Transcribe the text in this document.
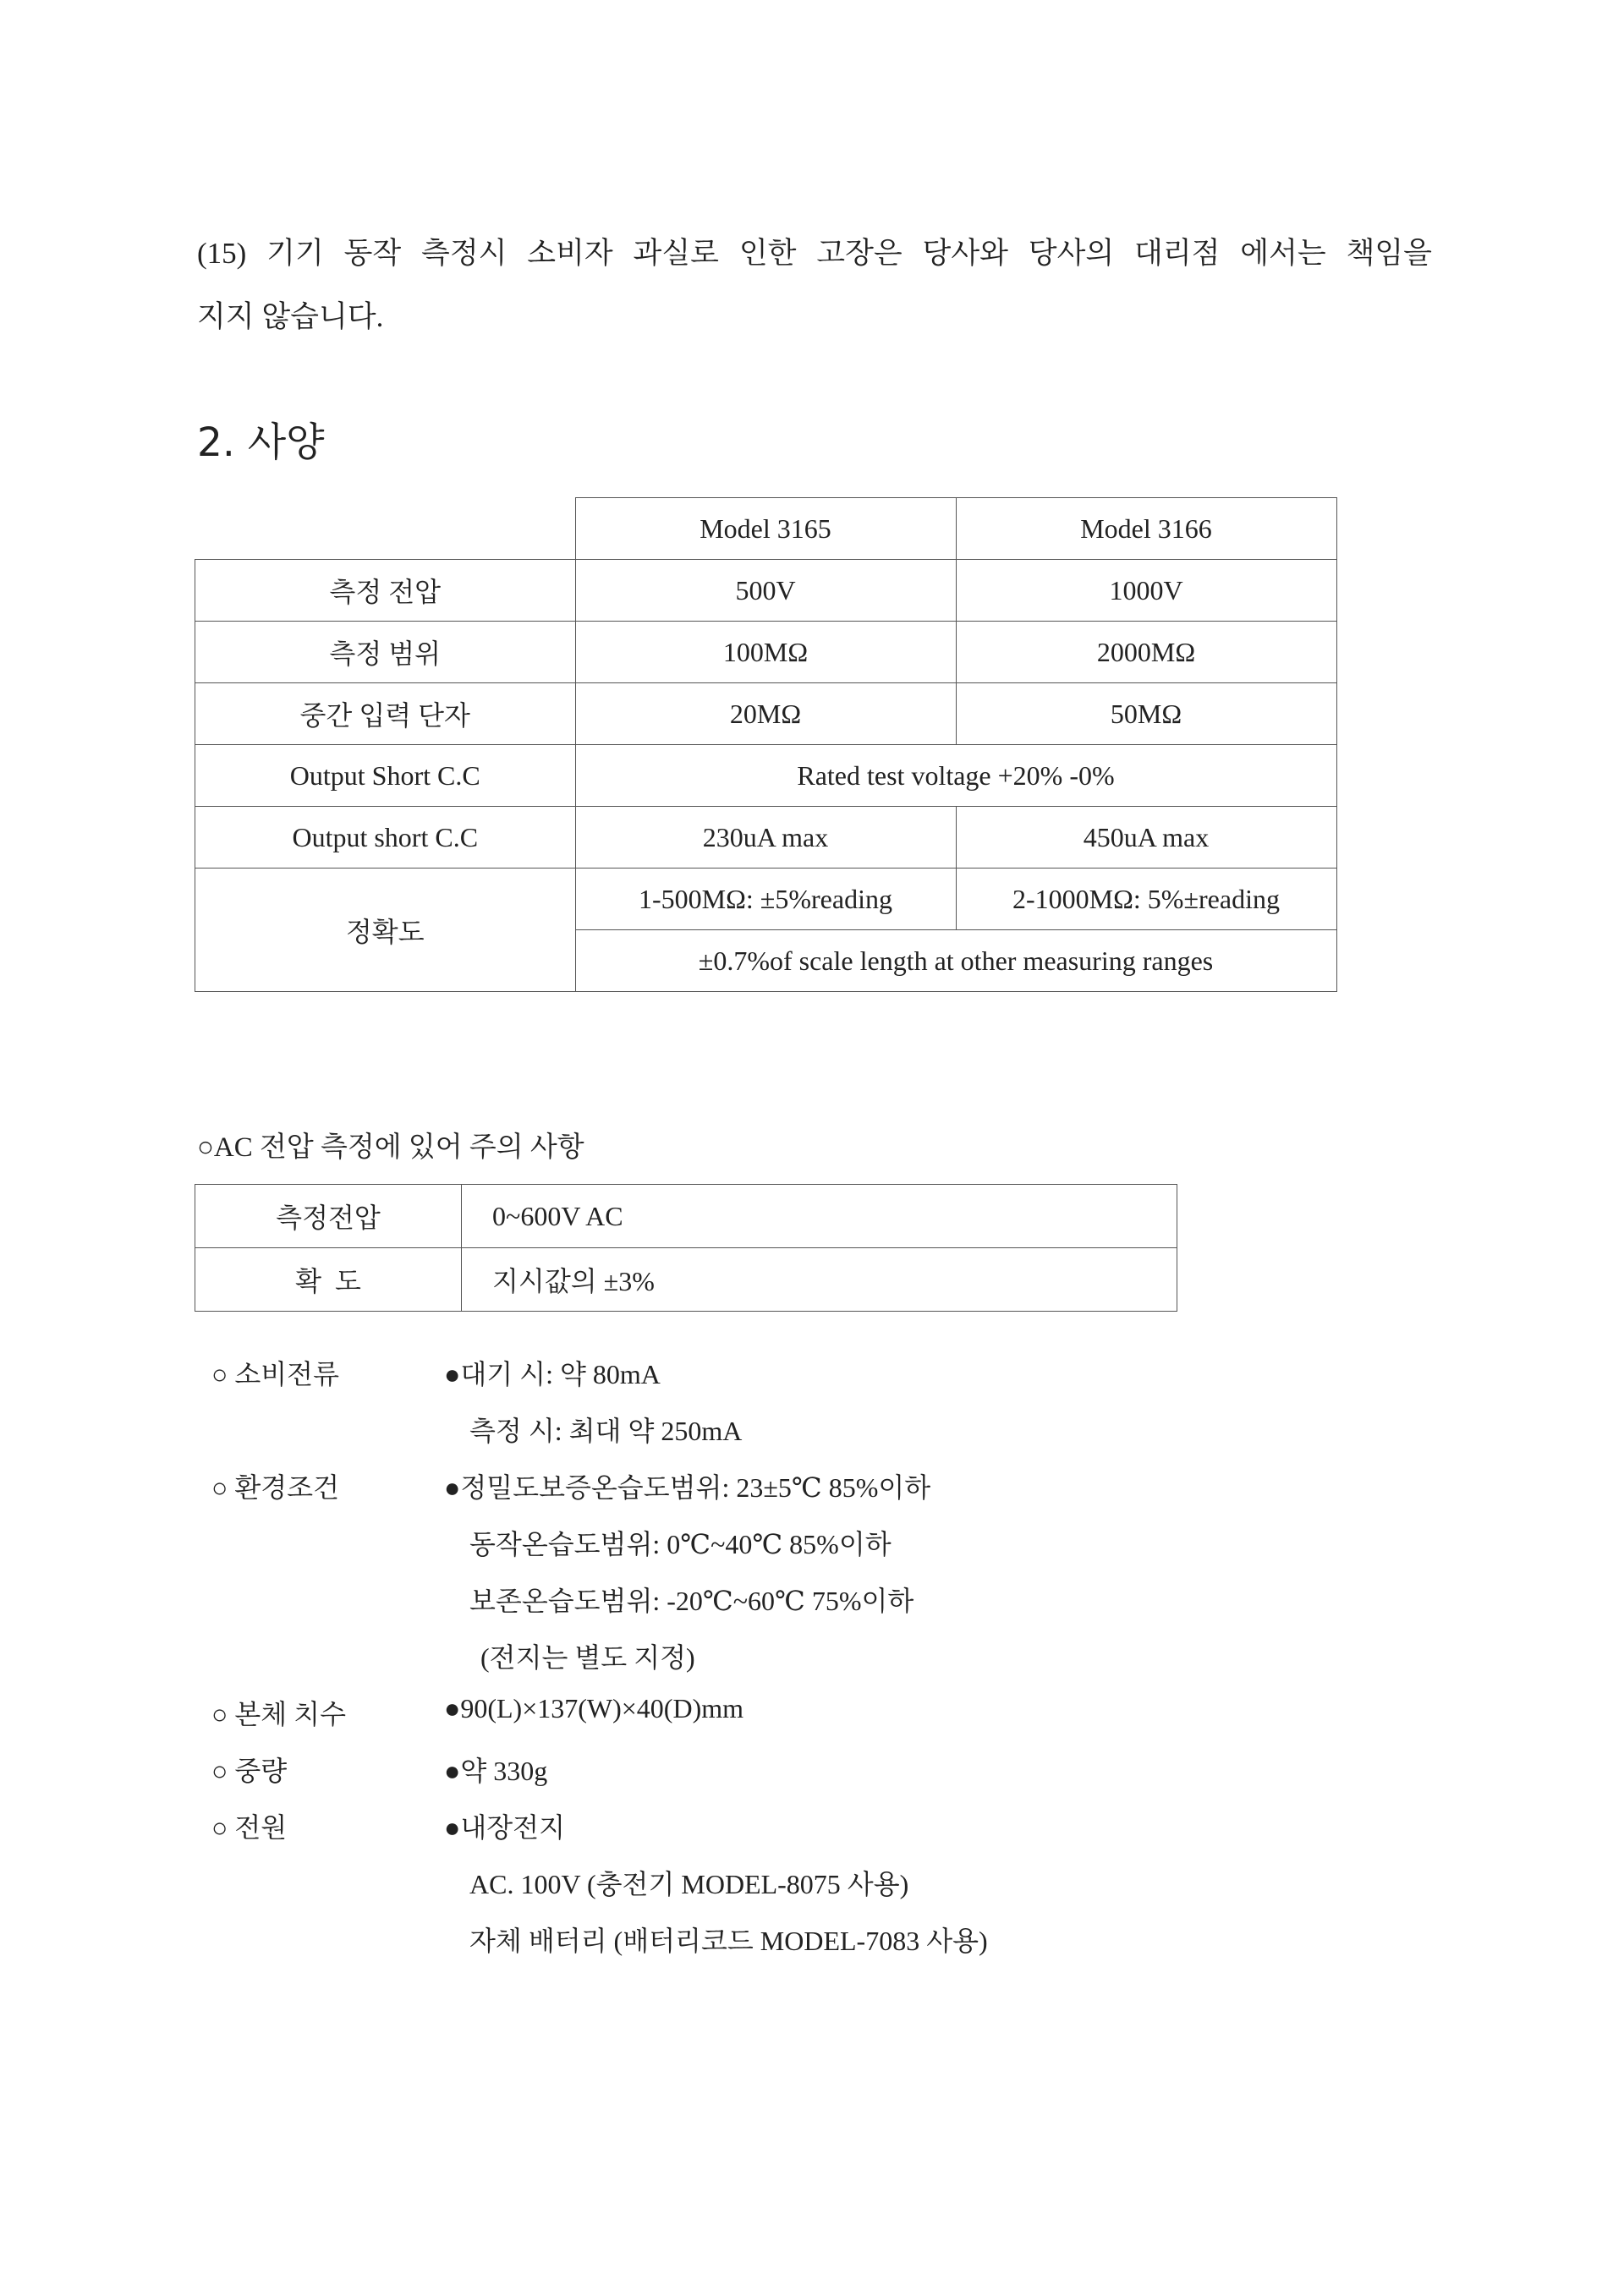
(15) 기기 동작 측정시 소비자 과실로 인한 고장은 당사와 당사의 대리점 에서는 책임을

지지 않습니다.

2. 사양
	Model 3165	Model 3166
측정 전압	500V	1000V
측정 범위	100MΩ	2000MΩ
중간 입력 단자	20MΩ	50MΩ
Output Short C.C	Rated test voltage +20% -0%	
Output short C.C	230uA max	450uA max
정확도	1-500MΩ: ±5%reading	2-1000MΩ: 5%±reading
	±0.7%of scale length at other measuring ranges	
○AC 전압 측정에 있어 주의 사항
측정전압	0~600V AC
확  도	지시값의 ±3%
○ 소비전류	●대기 시: 약 80mA
측정 시: 최대 약 250mA
○ 환경조건	●정밀도보증온습도범위: 23±5℃ 85%이하
동작온습도범위: 0℃~40℃ 85%이하
보존온습도범위: -20℃~60℃ 75%이하
(전지는 별도 지정)
○ 본체 치수	●90(L)×137(W)×40(D)mm
○ 중량	●약 330g
○ 전원	●내장전지
AC. 100V (충전기 MODEL-8075 사용)
자체 배터리 (배터리코드 MODEL-7083 사용)
